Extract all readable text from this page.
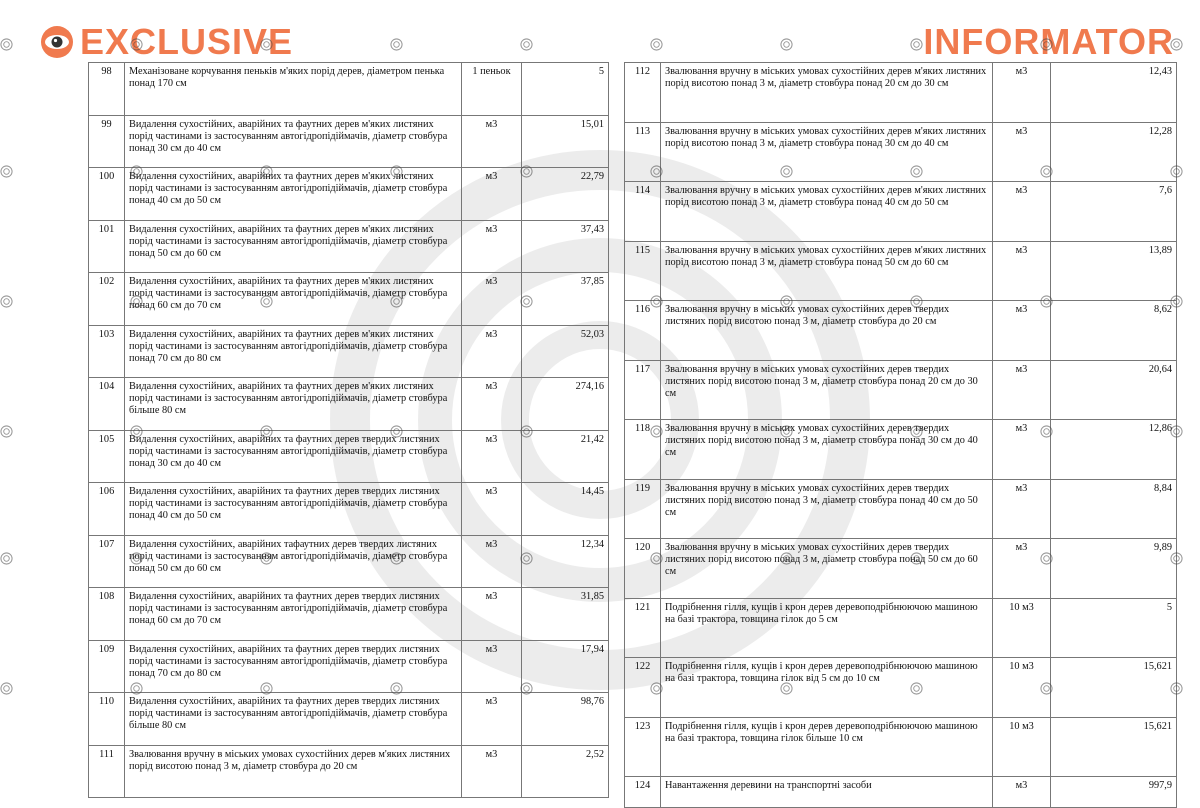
EXCLUSIVE	INFORMATOR
98	Механізоване корчування пеньків м'яких порід дерев, діаметром пенька понад 170 см	1 пеньок	5
99	Видалення сухостійних, аварійних та фаутних дерев м'яких листяних порід частинами із застосуванням автогідропідіймачів, діаметр стовбура понад 30 см до 40 см	м3	15,01
100	Видалення сухостійних, аварійних та фаутних дерев м'яких листяних порід частинами із застосуванням автогідропідіймачів, діаметр стовбура понад 40 см до 50 см	м3	22,79
101	Видалення сухостійних, аварійних та фаутних дерев м'яких листяних порід частинами із застосуванням автогідропідіймачів, діаметр стовбура понад 50 см до 60 см	м3	37,43
102	Видалення сухостійних, аварійних та фаутних дерев м'яких листяних порід частинами із застосуванням автогідропідіймачів, діаметр стовбура понад 60 см до 70 см	м3	37,85
103	Видалення сухостійних, аварійних та фаутних дерев м'яких листяних порід частинами із застосуванням автогідропідіймачів, діаметр стовбура понад 70 см до 80 см	м3	52,03
104	Видалення сухостійних, аварійних та фаутних дерев м'яких листяних порід частинами із застосуванням автогідропідіймачів, діаметр стовбура більше 80 см	м3	274,16
105	Видалення сухостійних, аварійних та фаутних дерев твердих листяних порід частинами із застосуванням автогідропідіймачів, діаметр стовбура понад 30 см до 40 см	м3	21,42
106	Видалення сухостійних, аварійних та фаутних дерев твердих листяних порід частинами із застосуванням автогідропідіймачів, діаметр стовбура понад 40 см до 50 см	м3	14,45
107	Видалення сухостійних, аварійних тафаутних дерев твердих листяних порід частинами із застосуванням автогідропідіймачів, діаметр стовбура понад 50 см до 60 см	м3	12,34
108	Видалення сухостійних, аварійних та фаутних дерев твердих листяних порід частинами із застосуванням автогідропідіймачів, діаметр стовбура понад 60 см до 70 см	м3	31,85
109	Видалення сухостійних, аварійних та фаутних дерев твердих листяних порід частинами із застосуванням автогідропідіймачів, діаметр стовбура понад 70 см до 80 см	м3	17,94
110	Видалення сухостійних, аварійних та фаутних дерев твердих листяних порід частинами із застосуванням автогідропідіймачів, діаметр стовбура більше 80 см	м3	98,76
111	Звалювання вручну в міських умовах сухостійних дерев м'яких листяних порід висотою понад 3 м, діаметр стовбура до 20 см	м3	2,52
112	Звалювання вручну в міських умовах сухостійних дерев м'яких листяних порід висотою понад 3 м, діаметр стовбура понад 20 см до 30 см	м3	12,43
113	Звалювання вручну в міських умовах сухостійних дерев м'яких листяних порід висотою понад 3 м, діаметр стовбура понад 30 см до 40 см	м3	12,28
114	Звалювання вручну в міських умовах сухостійних дерев м'яких листяних порід висотою понад 3 м, діаметр стовбура понад 40 см до 50 см	м3	7,6
115	Звалювання вручну в міських умовах сухостійних дерев м'яких листяних порід висотою понад 3 м, діаметр стовбура понад 50 см до 60 см	м3	13,89
116	Звалювання вручну в міських умовах сухостійних дерев твердих листяних порід висотою понад 3 м, діаметр стовбура до 20 см	м3	8,62
117	Звалювання вручну в міських умовах сухостійних дерев твердих листяних порід висотою понад 3 м, діаметр стовбура понад 20 см до 30 см	м3	20,64
118	Звалювання вручну в міських умовах сухостійних дерев твердих листяних порід висотою понад 3 м, діаметр стовбура понад 30 см до 40 см	м3	12,86
119	Звалювання вручну в міських умовах сухостійних дерев твердих листяних порід висотою понад 3 м, діаметр стовбура понад 40 см до 50 см	м3	8,84
120	Звалювання вручну в міських умовах сухостійних дерев твердих листяних порід висотою понад 3 м, діаметр стовбура понад 50 см до 60 см	м3	9,89
121	Подрібнення гілля, кущів і крон дерев деревоподрібнюючою машиною на базі трактора, товщина гілок до 5 см	10 м3	5
122	Подрібнення гілля, кущів і крон дерев деревоподрібнюючою машиною на базі трактора, товщина гілок від 5 см до 10 см	10 м3	15,621
123	Подрібнення гілля, кущів і крон дерев деревоподрібнюючою машиною на базі трактора, товщина гілок більше 10 см	10 м3	15,621
124	Навантаження деревини на транспортні засоби	м3	997,9
